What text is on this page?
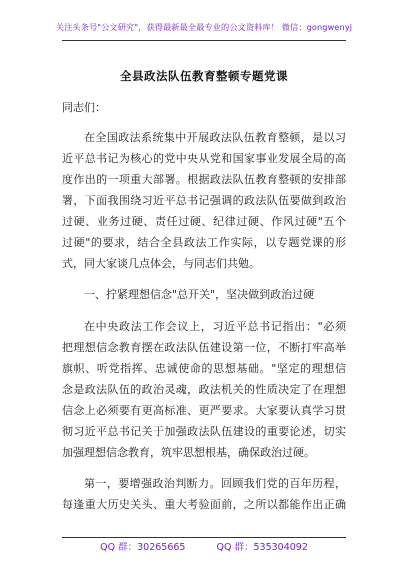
关注头条号"公文研究"，获得最新最全最专业的公文资料库！ 微信：gongwenyj
全县政法队伍教育整顿专题党课
同志们：
在全国政法系统集中开展政法队伍教育整顿，是以习
近平总书记为核心的党中央从党和国家事业发展全局的高
度作出的一项重大部署。根据政法队伍教育整顿的安排部
署，下面我围绕习近平总书记强调的政法队伍要做到政治
过硬、业务过硬、责任过硬、纪律过硬、作风过硬"五个
过硬"的要求，结合全县政法工作实际，以专题党课的形
式，同大家谈几点体会，与同志们共勉。
一、拧紧理想信念"总开关"，坚决做到政治过硬
在中央政法工作会议上，习近平总书记指出："必须
把理想信念教育摆在政法队伍建设第一位，不断打牢高举
旗帜、听党指挥、忠诚使命的思想基础。"坚定的理想信
念是政法队伍的政治灵魂，政法机关的性质决定了在理想
信念上必须要有更高标准、更严要求。大家要认真学习贯
彻习近平总书记关于加强政法队伍建设的重要论述，切实
加强理想信念教育，筑牢思想根基，确保政治过硬。
第一，要增强政治判断力。回顾我们党的百年历程，
每逢重大历史关头、重大考验面前，之所以都能作出正确
QQ 群：30265665	QQ 群：535304092
